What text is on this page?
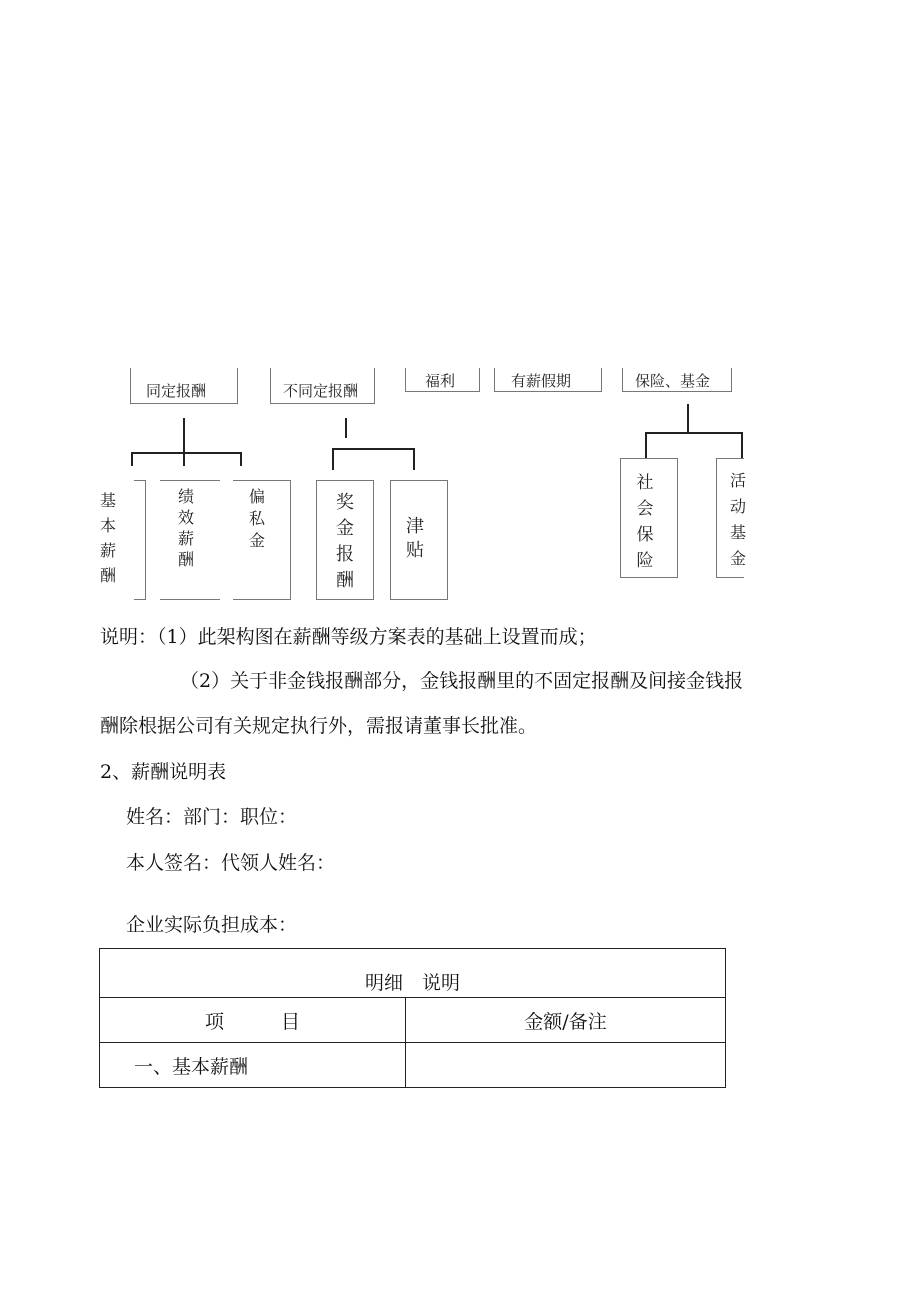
同定报酬	不同定报酬
福利	有薪假期	保险、基金
基本薪酬
绩效薪酬
偏私金
奖金报酬
津贴
社会保险
活动基金
说明：（1）此架构图在薪酬等级方案表的基础上设置而成；
（2）关于非金钱报酬部分，金钱报酬里的不固定报酬及间接金钱报
酬除根据公司有关规定执行外，需报请董事长批准。
2、薪酬说明表
姓名：部门：职位：
本人签名：代领人姓名：
企业实际负担成本：
明细　说明	
项　　　目	金额/备注
一、基本薪酬	
